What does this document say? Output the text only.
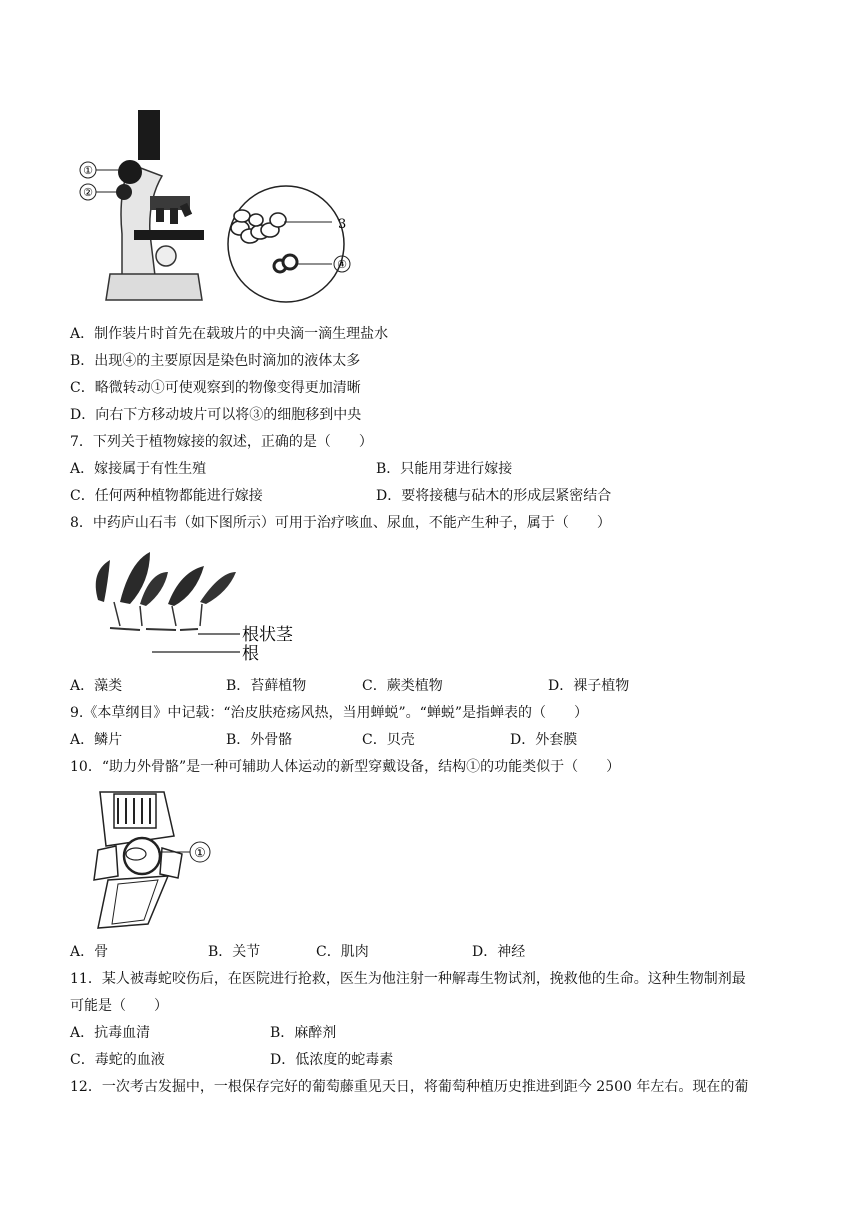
①
②
3
④
A．制作装片时首先在载玻片的中央滴一滴生理盐水
B．出现④的主要原因是染色时滴加的液体太多
C．略微转动①可使观察到的物像变得更加清晰
D．向右下方移动坡片可以将③的细胞移到中央
7．下列关于植物嫁接的叙述，正确的是（　　）
A．嫁接属于有性生殖	B．只能用芽进行嫁接
C．任何两种植物都能进行嫁接	D．要将接穗与砧木的形成层紧密结合
8．中药庐山石韦（如下图所示）可用于治疗咳血、尿血，不能产生种子，属于（　　）
根状茎
根
A．藻类	B．苔藓植物	C．蕨类植物	D．裸子植物
9.《本草纲目》中记载：“治皮肤疮疡风热，当用蝉蜕”。“蝉蜕”是指蝉表的（　　）
A．鳞片	B．外骨骼	C．贝壳	D．外套膜
10．“助力外骨骼”是一种可辅助人体运动的新型穿戴设备，结构①的功能类似于（　　）
①
A．骨	B．关节	C．肌肉	D．神经
11．某人被毒蛇咬伤后，在医院进行抢救，医生为他注射一种解毒生物试剂，挽救他的生命。这种生物制剂最
可能是（　　）
A．抗毒血清	B．麻醉剂
C．毒蛇的血液	D．低浓度的蛇毒素
12．一次考古发掘中，一根保存完好的葡萄藤重见天日，将葡萄种植历史推进到距今 2500 年左右。现在的葡
